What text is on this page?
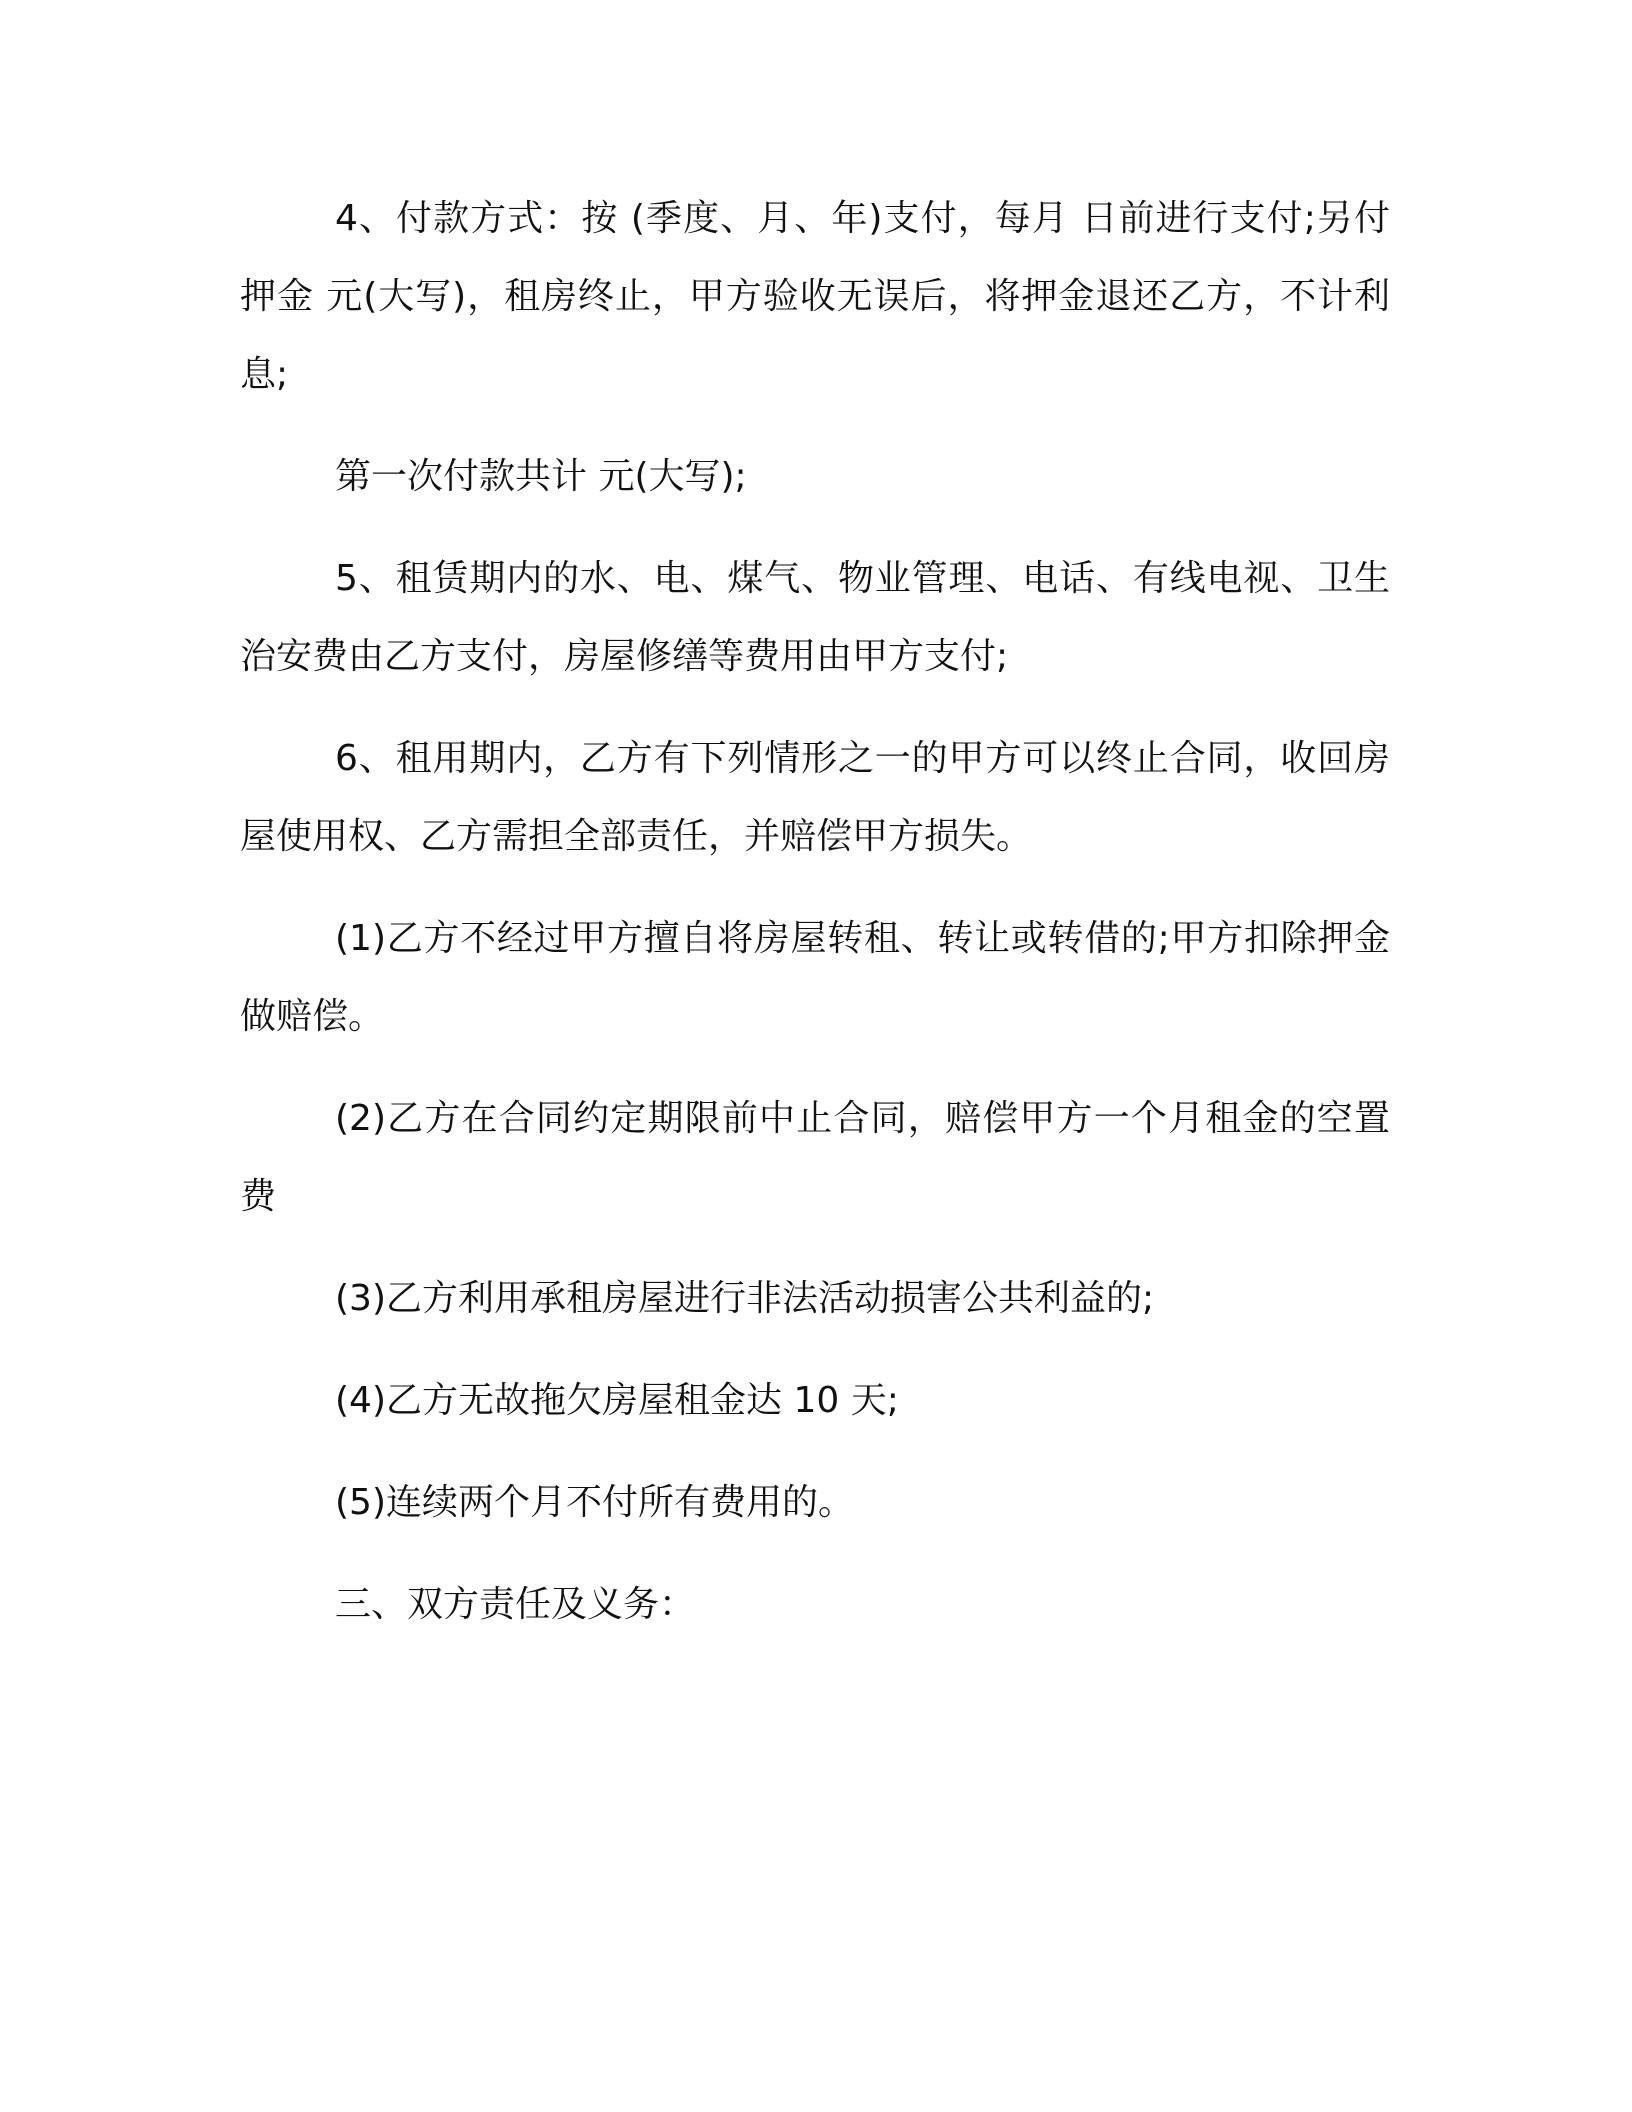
4、付款方式：按 (季度、月、年)支付，每月 日前进行支付;另付押金 元(大写)，租房终止，甲方验收无误后，将押金退还乙方，不计利息;

第一次付款共计 元(大写);

5、租赁期内的水、电、煤气、物业管理、电话、有线电视、卫生治安费由乙方支付，房屋修缮等费用由甲方支付;

6、租用期内，乙方有下列情形之一的甲方可以终止合同，收回房屋使用权、乙方需担全部责任，并赔偿甲方损失。

(1)乙方不经过甲方擅自将房屋转租、转让或转借的;甲方扣除押金做赔偿。

(2)乙方在合同约定期限前中止合同，赔偿甲方一个月租金的空置费

(3)乙方利用承租房屋进行非法活动损害公共利益的;

(4)乙方无故拖欠房屋租金达 10 天;

(5)连续两个月不付所有费用的。

三、双方责任及义务：
